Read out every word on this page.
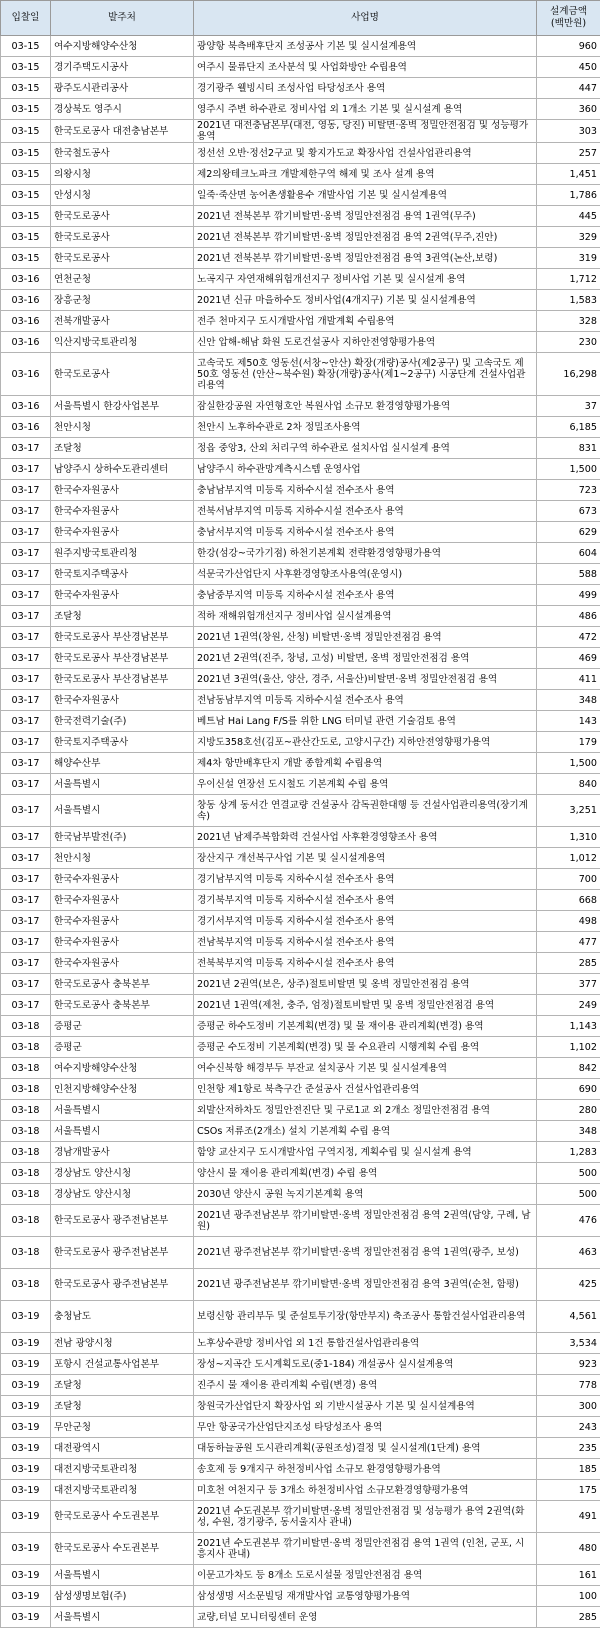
입찰일	발주처	사업명	설계금액
(백만원)
03-15	여수지방해양수산청	광양항 북측배후단지 조성공사 기본 및 실시설계용역	960
03-15	경기주택도시공사	여주시 물류단지 조사분석 및 사업화방안 수립용역	450
03-15	광주도시관리공사	경기광주 웰빙시티 조성사업 타당성조사 용역	447
03-15	경상북도 영주시	영주시 주변 하수관로 정비사업 외 1개소 기본 및 실시설계 용역	360
03-15	한국도로공사 대전충남본부	2021년 대전충남본부(대전, 영동, 당진) 비탈면·옹벽 정밀안전점검 및 성능평가 용역	303
03-15	한국철도공사	정선선 오반·정선2구교 및 황지가도교 확장사업 건설사업관리용역	257
03-15	의왕시청	제2의왕테크노파크 개발제한구역 해제 및 조사 설계 용역	1,451
03-15	안성시청	일죽·죽산면 농어촌생활용수 개발사업 기본 및 실시설계용역	1,786
03-15	한국도로공사	2021년 전북본부 깎기비탈면·옹벽 정밀안전점검 용역 1권역(무주)	445
03-15	한국도로공사	2021년 전북본부 깎기비탈면·옹벽 정밀안전점검 용역 2권역(무주,진안)	329
03-15	한국도로공사	2021년 전북본부 깎기비탈면·옹벽 정밀안전점검 용역 3권역(논산,보령)	319
03-16	연천군청	노곡지구 자연재해위험개선지구 정비사업 기본 및 실시설계 용역	1,712
03-16	장흥군청	2021년 신규 마을하수도 정비사업(4개지구) 기본 및 실시설계용역	1,583
03-16	전북개발공사	전주 천마지구 도시개발사업 개발계획 수립용역	328
03-16	익산지방국토관리청	신안 압해-해남 화원 도로건설공사 지하안전영향평가용역	230
03-16	한국도로공사	고속국도 제50호 영동선(서창~안산) 확장(개량)공사(제2공구) 및 고속국도 제50호 영동선 (안산~북수원) 확장(개량)공사(제1~2공구) 시공단계 건설사업관리용역	16,298
03-16	서울특별시 한강사업본부	잠실한강공원 자연형호안 복원사업 소규모 환경영향평가용역	37
03-16	천안시청	천안시 노후하수관로 2차 정밀조사용역	6,185
03-17	조달청	정읍 중앙3, 산외 처리구역 하수관로 설치사업 실시설계 용역	831
03-17	남양주시 상하수도관리센터	남양주시 하수관망계측시스템 운영사업	1,500
03-17	한국수자원공사	충남남부지역 미등록 지하수시설 전수조사 용역	723
03-17	한국수자원공사	전북서남부지역 미등록 지하수시설 전수조사 용역	673
03-17	한국수자원공사	충남서부지역 미등록 지하수시설 전수조사 용역	629
03-17	원주지방국토관리청	한강(섬강~국가기점) 하천기본계획 전략환경영향평가용역	604
03-17	한국토지주택공사	석문국가산업단지 사후환경영향조사용역(운영시)	588
03-17	한국수자원공사	충남중부지역 미등록 지하수시설 전수조사 용역	499
03-17	조달청	적하 재해위험개선지구 정비사업 실시설계용역	486
03-17	한국도로공사 부산경남본부	2021년 1권역(창원, 산청) 비탈면·옹벽 정밀안전점검 용역	472
03-17	한국도로공사 부산경남본부	2021년 2권역(진주, 창녕, 고성) 비탈면, 옹벽 정밀안전점검 용역	469
03-17	한국도로공사 부산경남본부	2021년 3권역(울산, 양산, 경주, 서울산)비탈면·옹벽 정밀안전점검 용역	411
03-17	한국수자원공사	전남동남부지역 미등록 지하수시설 전수조사 용역	348
03-17	한국전력기술(주)	베트남 Hai Lang F/S를 위한 LNG 터미널 관련 기술검토 용역	143
03-17	한국토지주택공사	지방도358호선(김포~관산간도로, 고양시구간) 지하안전영향평가용역	179
03-17	해양수산부	제4차 항만배후단지 개발 종합계획 수립용역	1,500
03-17	서울특별시	우이신설 연장선 도시철도 기본계획 수립 용역	840
03-17	서울특별시	창동 상계 동서간 연결교량 건설공사 감독권한대행 등 건설사업관리용역(장기계속)	3,251
03-17	한국남부발전(주)	2021년 남제주복합화력 건설사업 사후환경영향조사 용역	1,310
03-17	천안시청	장산지구 개선복구사업 기본 및 실시설계용역	1,012
03-17	한국수자원공사	경기남부지역 미등록 지하수시설 전수조사 용역	700
03-17	한국수자원공사	경기북부지역 미등록 지하수시설 전수조사 용역	668
03-17	한국수자원공사	경기서부지역 미등록 지하수시설 전수조사 용역	498
03-17	한국수자원공사	전남북부지역 미등록 지하수시설 전수조사 용역	477
03-17	한국수자원공사	전북북부지역 미등록 지하수시설 전수조사 용역	285
03-17	한국도로공사 충북본부	2021년 2권역(보은, 상주)절토비탈면 및 옹벽 정밀안전점검 용역	377
03-17	한국도로공사 충북본부	2021년 1권역(제천, 충주, 엄정)절토비탈면 및 옹벽 정밀안전점검 용역	249
03-18	증평군	증평군 하수도정비 기본계획(변경) 및 물 재이용 관리계획(변경) 용역	1,143
03-18	증평군	증평군 수도정비 기본계획(변경) 및 물 수요관리 시행계획 수립 용역	1,102
03-18	여수지방해양수산청	여수신북항 해경부두 부잔교 설치공사 기본 및 실시설계용역	842
03-18	인천지방해양수산청	인천항 제1항로 북측구간 준설공사 건설사업관리용역	690
03-18	서울특별시	외발산저하차도 정밀안전진단 및 구로1교 외 2개소 정밀안전점검 용역	280
03-18	서울특별시	CSOs 저류조(2개소) 설치 기본계획 수립 용역	348
03-18	경남개발공사	함양 교산지구 도시개발사업 구역지정, 계획수립 및 실시설계 용역	1,283
03-18	경상남도 양산시청	양산시 물 재이용 관리계획(변경) 수립 용역	500
03-18	경상남도 양산시청	2030년 양산시 공원 녹지기본계획 용역	500
03-18	한국도로공사 광주전남본부	2021년 광주전남본부 깎기비탈면·옹벽 정밀안전점검 용역 2권역(담양, 구례, 남원)	476
03-18	한국도로공사 광주전남본부	2021년 광주전남본부 깎기비탈면·옹벽 정밀안전점검 용역 1권역(광주, 보성)	463
03-18	한국도로공사 광주전남본부	2021년 광주전남본부 깎기비탈면·옹벽 정밀안전점검 용역 3권역(순천, 함평)	425
03-19	충청남도	보령신항 관리부두 및 준설토투기장(항만부지) 축조공사 통합건설사업관리용역	4,561
03-19	전남 광양시청	노후상수관망 정비사업 외 1건 통합건설사업관리용역	3,534
03-19	포항시 건설교통사업본부	장성~지곡간 도시계획도로(중1-184) 개설공사 실시설계용역	923
03-19	조달청	진주시 물 재이용 관리계획 수립(변경) 용역	778
03-19	조달청	창원국가산업단지 확장사업 외 기반시설공사 기본 및 실시설계용역	300
03-19	무안군청	무안 항공국가산업단지조성 타당성조사 용역	243
03-19	대전광역시	대동하늘공원 도시관리계획(공원조성)결정 및 실시설계(1단계) 용역	235
03-19	대전지방국토관리청	송호제 등 9개지구 하천정비사업 소규모 환경영향평가용역	185
03-19	대전지방국토관리청	미호천 여천지구 등 3개소 하천정비사업 소규모환경영향평가용역	175
03-19	한국도로공사 수도권본부	2021년 수도권본부 깎기비탈면·옹벽 정밀안전점검 및 성능평가 용역 2권역(화성, 수원, 경기광주, 동서울지사 관내)	491
03-19	한국도로공사 수도권본부	2021년 수도권본부 깎기비탈면·옹벽 정밀안전점검 용역 1권역 (인천, 군포, 시흥지사 관내)	480
03-19	서울특별시	이문고가차도 등 8개소 도로시설물 정밀안전점검 용역	161
03-19	삼성생명보험(주)	삼성생명 서소문빌딩 재개발사업 교통영향평가용역	100
03-19	서울특별시	교량,터널 모니터링센터 운영	285
